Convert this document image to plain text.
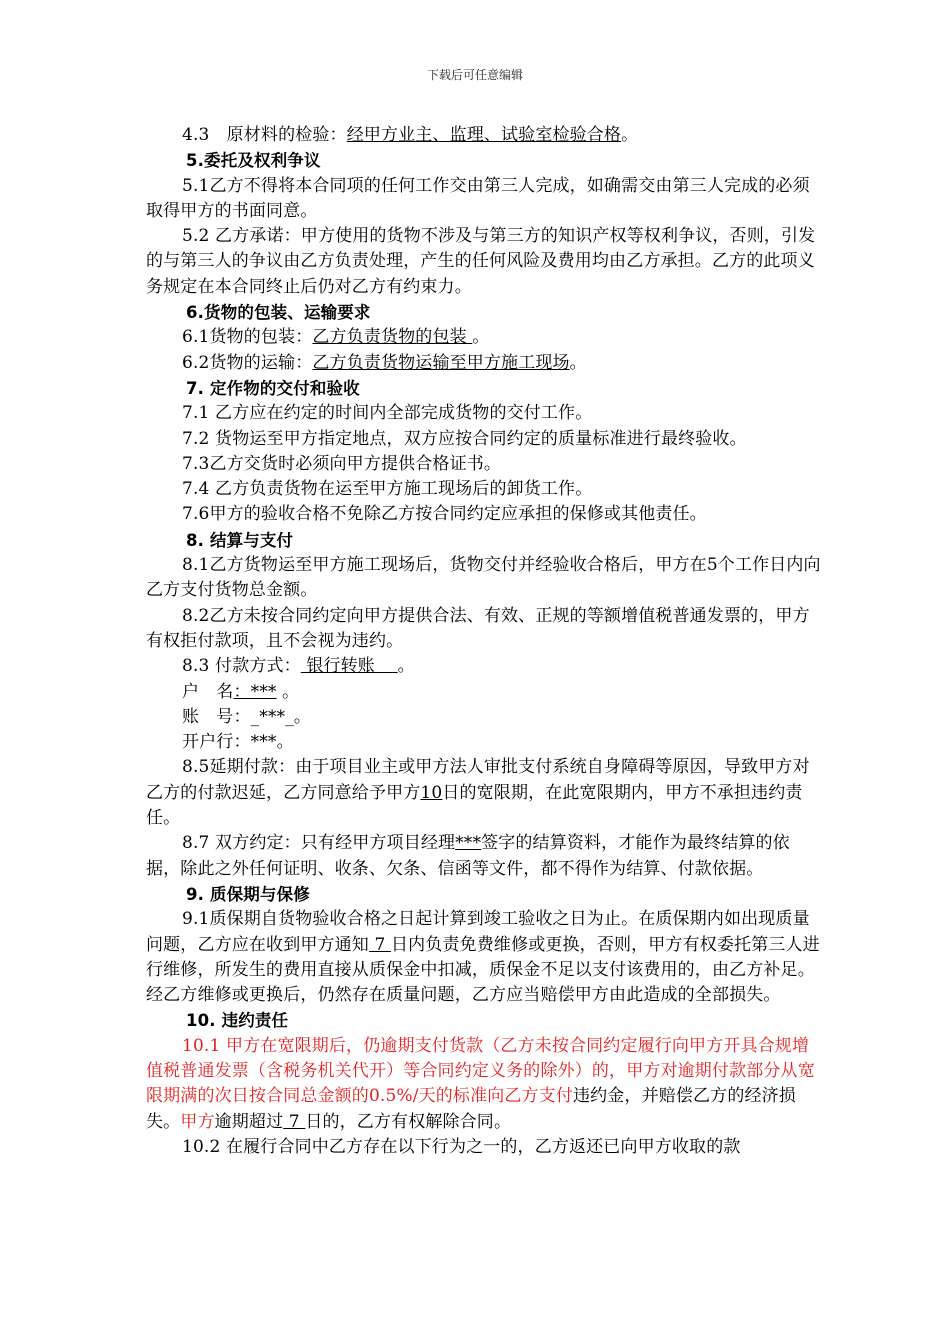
下载后可任意编辑

4.3　原材料的检验：经甲方业主、监理、试验室检验合格。

5.委托及权利争议

5.1乙方不得将本合同项的任何工作交由第三人完成，如确需交由第三人完成的必须取得甲方的书面同意。

5.2 乙方承诺：甲方使用的货物不涉及与第三方的知识产权等权利争议，否则，引发的与第三人的争议由乙方负责处理，产生的任何风险及费用均由乙方承担。乙方的此项义务规定在本合同终止后仍对乙方有约束力。

6.货物的包装、运输要求

6.1货物的包装：乙方负责货物的包装 。

6.2货物的运输：乙方负责货物运输至甲方施工现场。

7. 定作物的交付和验收

7.1 乙方应在约定的时间内全部完成货物的交付工作。

7.2 货物运至甲方指定地点，双方应按合同约定的质量标准进行最终验收。

7.3乙方交货时必须向甲方提供合格证书。

7.4 乙方负责货物在运至甲方施工现场后的卸货工作。

7.6甲方的验收合格不免除乙方按合同约定应承担的保修或其他责任。

8. 结算与支付

8.1乙方货物运至甲方施工现场后，货物交付并经验收合格后，甲方在5个工作日内向乙方支付货物总金额。

8.2乙方未按合同约定向甲方提供合法、有效、正规的等额增值税普通发票的，甲方有权拒付款项，且不会视为违约。

8.3 付款方式： 银行转账　 。

户　名：*** 。

账　号：_***_。

开户行：***。

8.5延期付款：由于项目业主或甲方法人审批支付系统自身障碍等原因，导致甲方对乙方的付款迟延，乙方同意给予甲方10日的宽限期，在此宽限期内，甲方不承担违约责任。

8.7 双方约定：只有经甲方项目经理***签字的结算资料，才能作为最终结算的依据，除此之外任何证明、收条、欠条、信函等文件，都不得作为结算、付款依据。

9. 质保期与保修

9.1质保期自货物验收合格之日起计算到竣工验收之日为止。在质保期内如出现质量问题，乙方应在收到甲方通知 7 日内负责免费维修或更换，否则，甲方有权委托第三人进行维修，所发生的费用直接从质保金中扣减，质保金不足以支付该费用的，由乙方补足。经乙方维修或更换后，仍然存在质量问题，乙方应当赔偿甲方由此造成的全部损失。

10. 违约责任

10.1 甲方在宽限期后，仍逾期支付货款（乙方未按合同约定履行向甲方开具合规增值税普通发票（含税务机关代开）等合同约定义务的除外）的，甲方对逾期付款部分从宽限期满的次日按合同总金额的0.5%/天的标准向乙方支付违约金，并赔偿乙方的经济损失。甲方逾期超过 7 日的，乙方有权解除合同。

10.2 在履行合同中乙方存在以下行为之一的，乙方返还已向甲方收取的款
